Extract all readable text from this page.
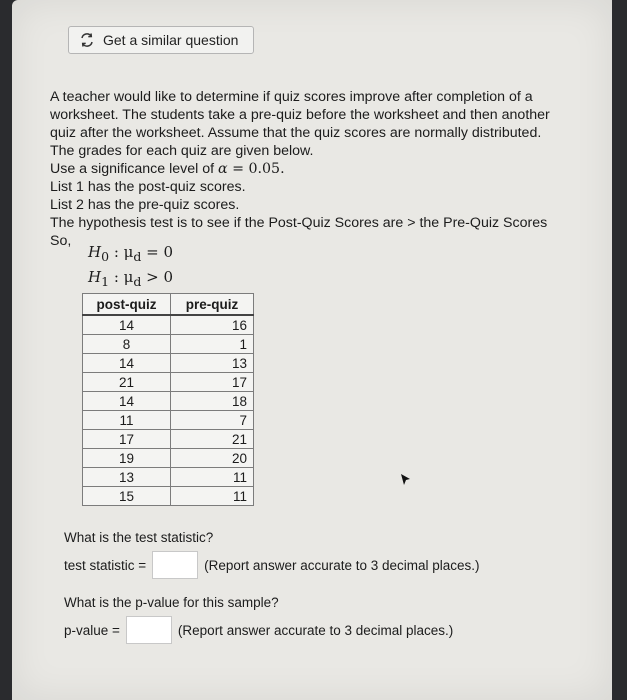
Get a similar question

A teacher would like to determine if quiz scores improve after completion of a

worksheet. The students take a pre-quiz before the worksheet and then another

quiz after the worksheet. Assume that the quiz scores are normally distributed.

The grades for each quiz are given below.

Use a significance level of α = 0.05.

List 1 has the post-quiz scores.

List 2 has the pre-quiz scores.

The hypothesis test is to see if the Post-Quiz Scores are > the Pre-Quiz Scores

So,

$H_0$ : $\mu_d = 0$
$H_1$ : $\mu_d > 0$
post-quiz	pre-quiz
14	16
8	1
14	13
21	17
14	18
11	7
17	21
19	20
13	11
15	11
What is the test statistic?
test statistic =	(Report answer accurate to 3 decimal places.)
What is the p-value for this sample?
p-value =	(Report answer accurate to 3 decimal places.)
